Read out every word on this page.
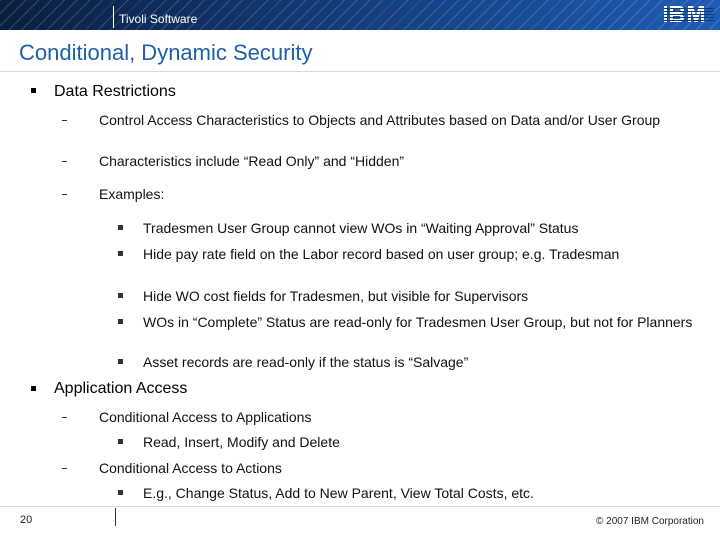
Tivoli Software
Conditional, Dynamic Security
Data Restrictions
Control Access Characteristics to Objects and Attributes based on Data and/or User Group
Characteristics include “Read Only” and “Hidden”
Examples:
Tradesmen User Group cannot view WOs in “Waiting Approval” Status
Hide pay rate field on the Labor record based on user group; e.g. Tradesman
Hide WO cost fields for Tradesmen, but visible for Supervisors
WOs in “Complete” Status are read-only for Tradesmen User Group, but not for Planners
Asset records are read-only if the status is “Salvage”
Application Access
Conditional Access to Applications
Read, Insert, Modify and Delete
Conditional Access to Actions
E.g., Change Status, Add to New Parent, View Total Costs, etc.
20	© 2007 IBM Corporation
